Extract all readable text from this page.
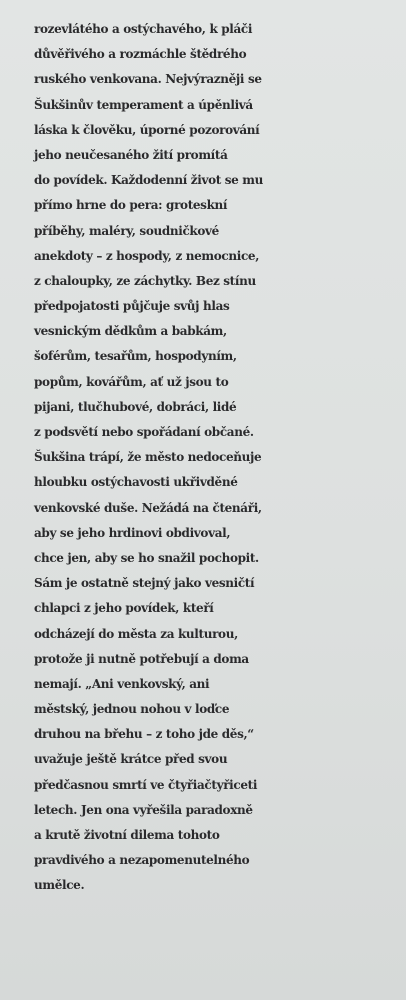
rozevlátého a ostýchavého, k pláči
důvěřivého a rozmáchle štědrého
ruského venkovana. Nejvýrazněji se
Šukšinův temperament a úpěnlivá
láska k člověku, úporné pozorování
jeho neučesaného žití promítá
do povídek. Každodenní život se mu
přímo hrne do pera: groteskní
příběhy, maléry, soudničkové
anekdoty – z hospody, z nemocnice,
z chaloupky, ze záchytky. Bez stínu
předpojatosti půjčuje svůj hlas
vesnickým dědkům a babkám,
šoférům, tesařům, hospodyním,
popům, kovářům, ať už jsou to
pijani, tlučhubové, dobráci, lidé
z podsvětí nebo spořádaní občané.
Šukšina trápí, že město nedoceňuje
hloubku ostýchavosti ukřivděné
venkovské duše. Nežádá na čtenáři,
aby se jeho hrdinovi obdivoval,
chce jen, aby se ho snažil pochopit.
Sám je ostatně stejný jako vesničtí
chlapci z jeho povídek, kteří
odcházejí do města za kulturou,
protože ji nutně potřebují a doma
nemají. „Ani venkovský, ani
městský, jednou nohou v loďce
druhou na břehu – z toho jde děs,“
uvažuje ještě krátce před svou
předčasnou smrtí ve čtyřiačtyřiceti
letech. Jen ona vyřešila paradoxně
a krutě životní dilema tohoto
pravdivého a nezapomenutelného
umělce.
